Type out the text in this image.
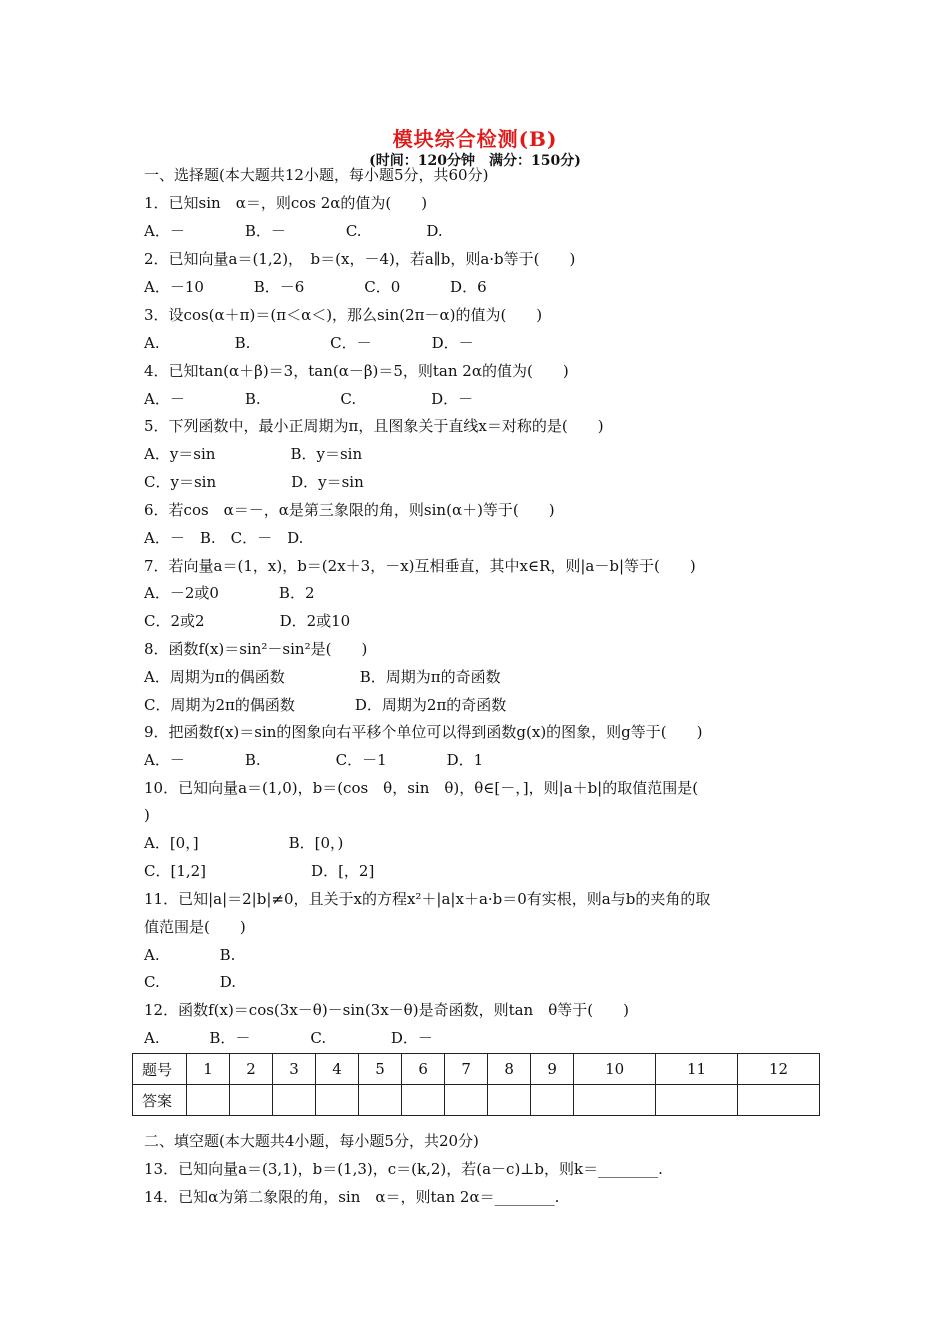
模块综合检测(B)
(时间：120分钟　满分：150分)
一、选择题(本大题共12小题，每小题5分，共60分)
1．已知sin　α＝，则cos 2α的值为(　　)
A．－　　　　B．－　　　　C.　　　　 D.
2．已知向量a＝(1,2)，　b＝(x，－4)，若a∥b，则a·b等于(　　)
A．－10　　　 B．－6　　　　C．0　　　 D．6
3．设cos(α＋π)＝(π＜α＜)，那么sin(2π－α)的值为(　　)
A.　　　　　B.　　　　　 C．－　　　　D．－
4．已知tan(α＋β)＝3，tan(α－β)＝5，则tan 2α的值为(　　)
A．－　　　　B.　　　　　 C.　　　　　D．－
5．下列函数中，最小正周期为π，且图象关于直线x＝对称的是(　　)
A．y＝sin　　　　　B．y＝sin
C．y＝sin　　　　　D．y＝sin
6．若cos　α＝－，α是第三象限的角，则sin(α＋)等于(　　)
A．－　B.　C．－　D.
7．若向量a＝(1，x)，b＝(2x＋3，－x)互相垂直，其中x∈R，则|a－b|等于(　　)
A．－2或0　　　　B．2
C．2或2　　　　　D．2或10
8．函数f(x)＝sin²－sin²是(　　)
A．周期为π的偶函数　　　　　B．周期为π的奇函数
C．周期为2π的偶函数　　　　D．周期为2π的奇函数
9．把函数f(x)＝sin的图象向右平移个单位可以得到函数g(x)的图象，则g等于(　　)
A．－　　　　B.　　　　　C．－1　　　　D．1
10．已知向量a＝(1,0)，b＝(cos　θ，sin　θ)，θ∈[－，]，则|a＋b|的取值范围是(
)
A．[0，]　　　　　　B．[0，)
C．[1,2]　　　　　　　D．[，2]
11．已知|a|＝2|b|≠0，且关于x的方程x²＋|a|x＋a·b＝0有实根，则a与b的夹角的取
值范围是(　　)
A.　　　　B.
C.　　　　D.
12．函数f(x)＝cos(3x－θ)－sin(3x－θ)是奇函数，则tan　θ等于(　　)
A.　　　 B．－　　　　C.　　　　 D．－
题号	1	2	3	4	5	6	7	8	9	10	11	12
答案												
二、填空题(本大题共4小题，每小题5分，共20分)
13．已知向量a＝(3,1)，b＝(1,3)，c＝(k,2)，若(a－c)⊥b，则k＝________.
14．已知α为第二象限的角，sin　α＝，则tan 2α＝________.
